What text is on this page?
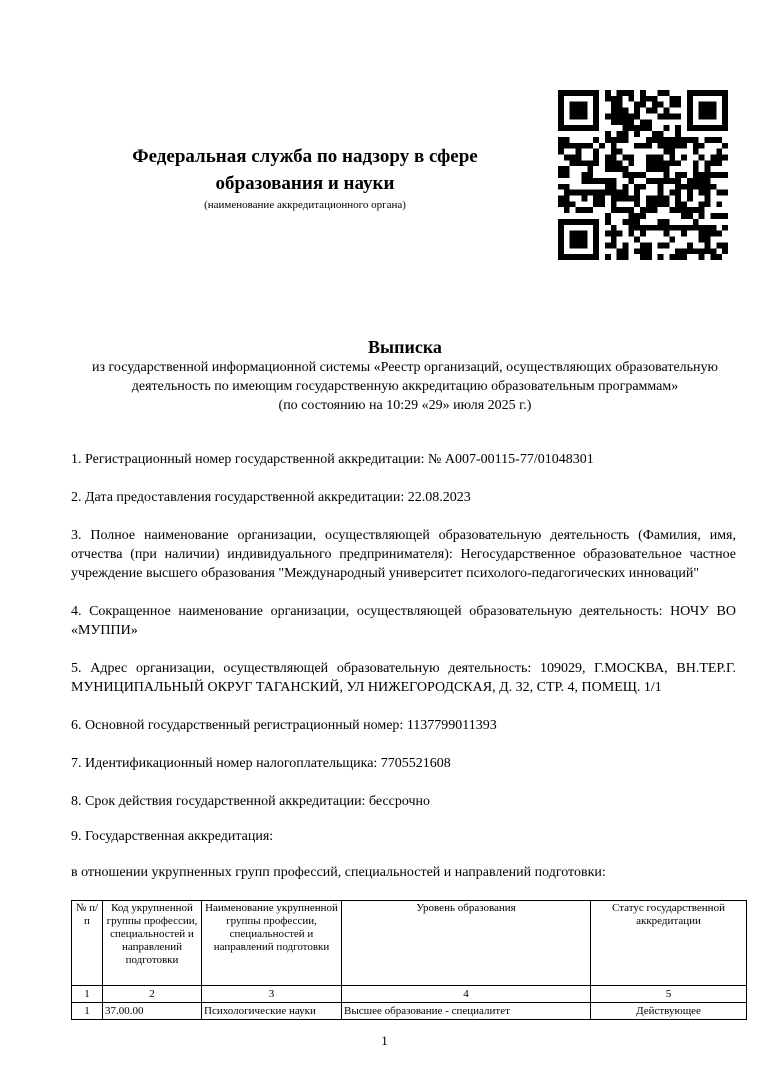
Федеральная служба по надзору в сфере
образования и науки
(наименование аккредитационного органа)
Выписка
из государственной информационной системы «Реестр организаций, осуществляющих образовательную
деятельность по имеющим государственную аккредитацию образовательным программам»
(по состоянию на 10:29 «29» июля 2025 г.)
1. Регистрационный номер государственной аккредитации: № А007-00115-77/01048301
2. Дата предоставления государственной аккредитации: 22.08.2023
3. Полное наименование организации, осуществляющей образовательную деятельность (Фамилия, имя, отчества (при наличии) индивидуального предпринимателя): Негосударственное образовательное частное учреждение высшего образования "Международный университет психолого-педагогических инноваций"
4. Сокращенное наименование организации, осуществляющей образовательную деятельность: НОЧУ ВО «МУППИ»
5. Адрес организации, осуществляющей образовательную деятельность: 109029, Г.МОСКВА, ВН.ТЕР.Г. МУНИЦИПАЛЬНЫЙ ОКРУГ ТАГАНСКИЙ, УЛ НИЖЕГОРОДСКАЯ, Д. 32, СТР. 4, ПОМЕЩ. 1/1
6. Основной государственный регистрационный номер: 1137799011393
7. Идентификационный номер налогоплательщика: 7705521608
8. Срок действия государственной аккредитации: бессрочно
9. Государственная аккредитация:
в отношении укрупненных групп профессий, специальностей и направлений подготовки:
№ п/п	Код укрупненной группы профессии, специальностей и направлений подготовки	Наименование укрупненной группы профессии, специальностей и направлений подготовки	Уровень образования	Статус государственной аккредитации
1	2	3	4	5
1	37.00.00	Психологические науки	Высшее образование - специалитет	Действующее
1
